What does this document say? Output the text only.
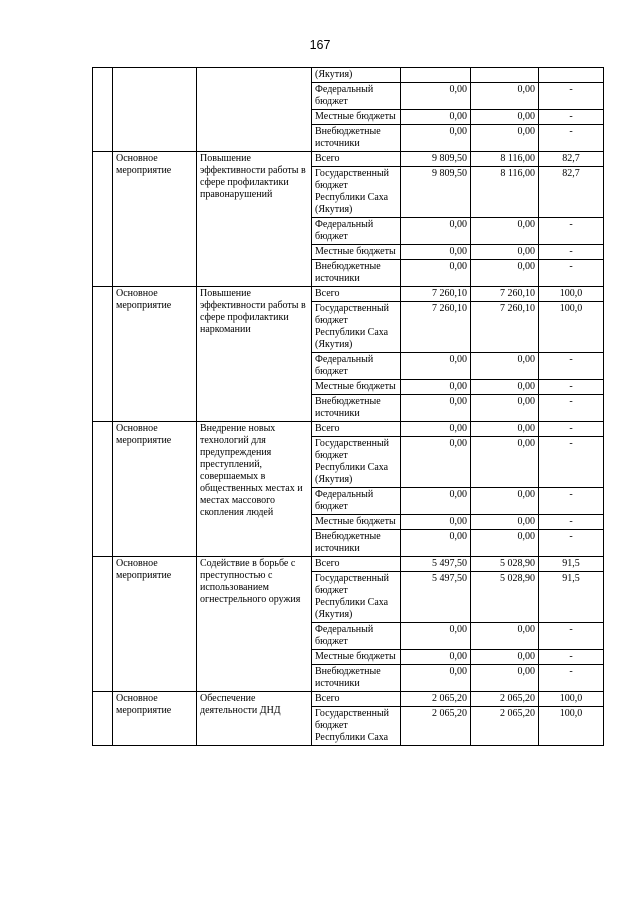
167
			(Якутия)			
			Федеральный бюджет	0,00	0,00	-
			Местные бюджеты	0,00	0,00	-
			Внебюджетные источники	0,00	0,00	-
	Основное мероприятие	Повышение эффективности работы в сфере профилактики правонарушений	Всего	9 809,50	8 116,00	82,7
			Государственный бюджет Республики Саха (Якутия)	9 809,50	8 116,00	82,7
			Федеральный бюджет	0,00	0,00	-
			Местные бюджеты	0,00	0,00	-
			Внебюджетные источники	0,00	0,00	-
	Основное мероприятие	Повышение эффективности работы в сфере профилактики наркомании	Всего	7 260,10	7 260,10	100,0
			Государственный бюджет Республики Саха (Якутия)	7 260,10	7 260,10	100,0
			Федеральный бюджет	0,00	0,00	-
			Местные бюджеты	0,00	0,00	-
			Внебюджетные источники	0,00	0,00	-
	Основное мероприятие	Внедрение новых технологий для предупреждения преступлений, совершаемых в общественных местах и местах массового скопления людей	Всего	0,00	0,00	-
			Государственный бюджет Республики Саха (Якутия)	0,00	0,00	-
			Федеральный бюджет	0,00	0,00	-
			Местные бюджеты	0,00	0,00	-
			Внебюджетные источники	0,00	0,00	-
	Основное мероприятие	Содействие в борьбе с преступностью с использованием огнестрельного оружия	Всего	5 497,50	5 028,90	91,5
			Государственный бюджет Республики Саха (Якутия)	5 497,50	5 028,90	91,5
			Федеральный бюджет	0,00	0,00	-
			Местные бюджеты	0,00	0,00	-
			Внебюджетные источники	0,00	0,00	-
	Основное мероприятие	Обеспечение деятельности ДНД	Всего	2 065,20	2 065,20	100,0
			Государственный бюджет Республики Саха	2 065,20	2 065,20	100,0
